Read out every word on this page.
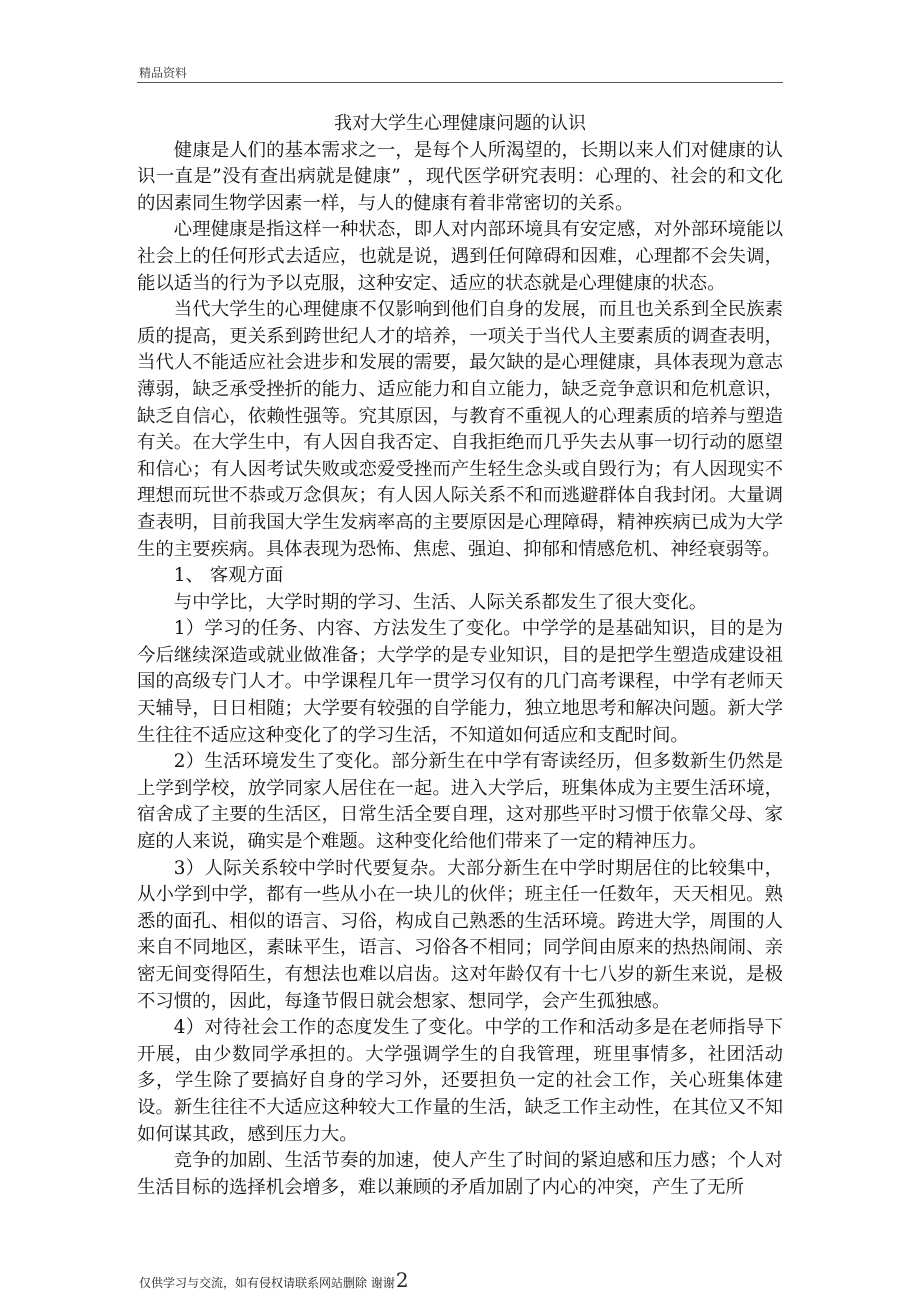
精品资料
我对大学生心理健康问题的认识

健康是人们的基本需求之一，是每个人所渴望的，长期以来人们对健康的认识一直是”没有查出病就是健康” ，现代医学研究表明：心理的、社会的和文化的因素同生物学因素一样，与人的健康有着非常密切的关系。

心理健康是指这样一种状态，即人对内部环境具有安定感，对外部环境能以社会上的任何形式去适应，也就是说，遇到任何障碍和因难，心理都不会失调，能以适当的行为予以克服，这种安定、适应的状态就是心理健康的状态。

当代大学生的心理健康不仅影响到他们自身的发展，而且也关系到全民族素质的提高，更关系到跨世纪人才的培养，一项关于当代人主要素质的调查表明，当代人不能适应社会进步和发展的需要，最欠缺的是心理健康，具体表现为意志薄弱，缺乏承受挫折的能力、适应能力和自立能力，缺乏竞争意识和危机意识，缺乏自信心，依赖性强等。究其原因，与教育不重视人的心理素质的培养与塑造有关。在大学生中，有人因自我否定、自我拒绝而几乎失去从事一切行动的愿望和信心；有人因考试失败或恋爱受挫而产生轻生念头或自毁行为；有人因现实不理想而玩世不恭或万念俱灰；有人因人际关系不和而逃避群体自我封闭。大量调查表明，目前我国大学生发病率高的主要原因是心理障碍，精神疾病已成为大学生的主要疾病。具体表现为恐怖、焦虑、强迫、抑郁和情感危机、神经衰弱等。

1、 客观方面

与中学比，大学时期的学习、生活、人际关系都发生了很大变化。

1）学习的任务、内容、方法发生了变化。中学学的是基础知识，目的是为今后继续深造或就业做准备；大学学的是专业知识，目的是把学生塑造成建设祖国的高级专门人才。中学课程几年一贯学习仅有的几门高考课程，中学有老师天天辅导，日日相随；大学要有较强的自学能力，独立地思考和解决问题。新大学生往往不适应这种变化了的学习生活，不知道如何适应和支配时间。

2）生活环境发生了变化。部分新生在中学有寄读经历，但多数新生仍然是上学到学校，放学同家人居住在一起。进入大学后，班集体成为主要生活环境，宿舍成了主要的生活区，日常生活全要自理，这对那些平时习惯于依靠父母、家庭的人来说，确实是个难题。这种变化给他们带来了一定的精神压力。

3）人际关系较中学时代要复杂。大部分新生在中学时期居住的比较集中，从小学到中学，都有一些从小在一块儿的伙伴；班主任一任数年，天天相见。熟悉的面孔、相似的语言、习俗，构成自己熟悉的生活环境。跨进大学，周围的人来自不同地区，素昧平生，语言、习俗各不相同；同学间由原来的热热闹闹、亲密无间变得陌生，有想法也难以启齿。这对年龄仅有十七八岁的新生来说，是极不习惯的，因此，每逢节假日就会想家、想同学，会产生孤独感。

4）对待社会工作的态度发生了变化。中学的工作和活动多是在老师指导下开展，由少数同学承担的。大学强调学生的自我管理，班里事情多，社团活动多，学生除了要搞好自身的学习外，还要担负一定的社会工作，关心班集体建设。新生往往不大适应这种较大工作量的生活，缺乏工作主动性，在其位又不知如何谋其政，感到压力大。

竞争的加剧、生活节奏的加速，使人产生了时间的紧迫感和压力感；个人对生活目标的选择机会增多，难以兼顾的矛盾加剧了内心的冲突，产生了无所

仅供学习与交流，如有侵权请联系网站删除 谢谢2
